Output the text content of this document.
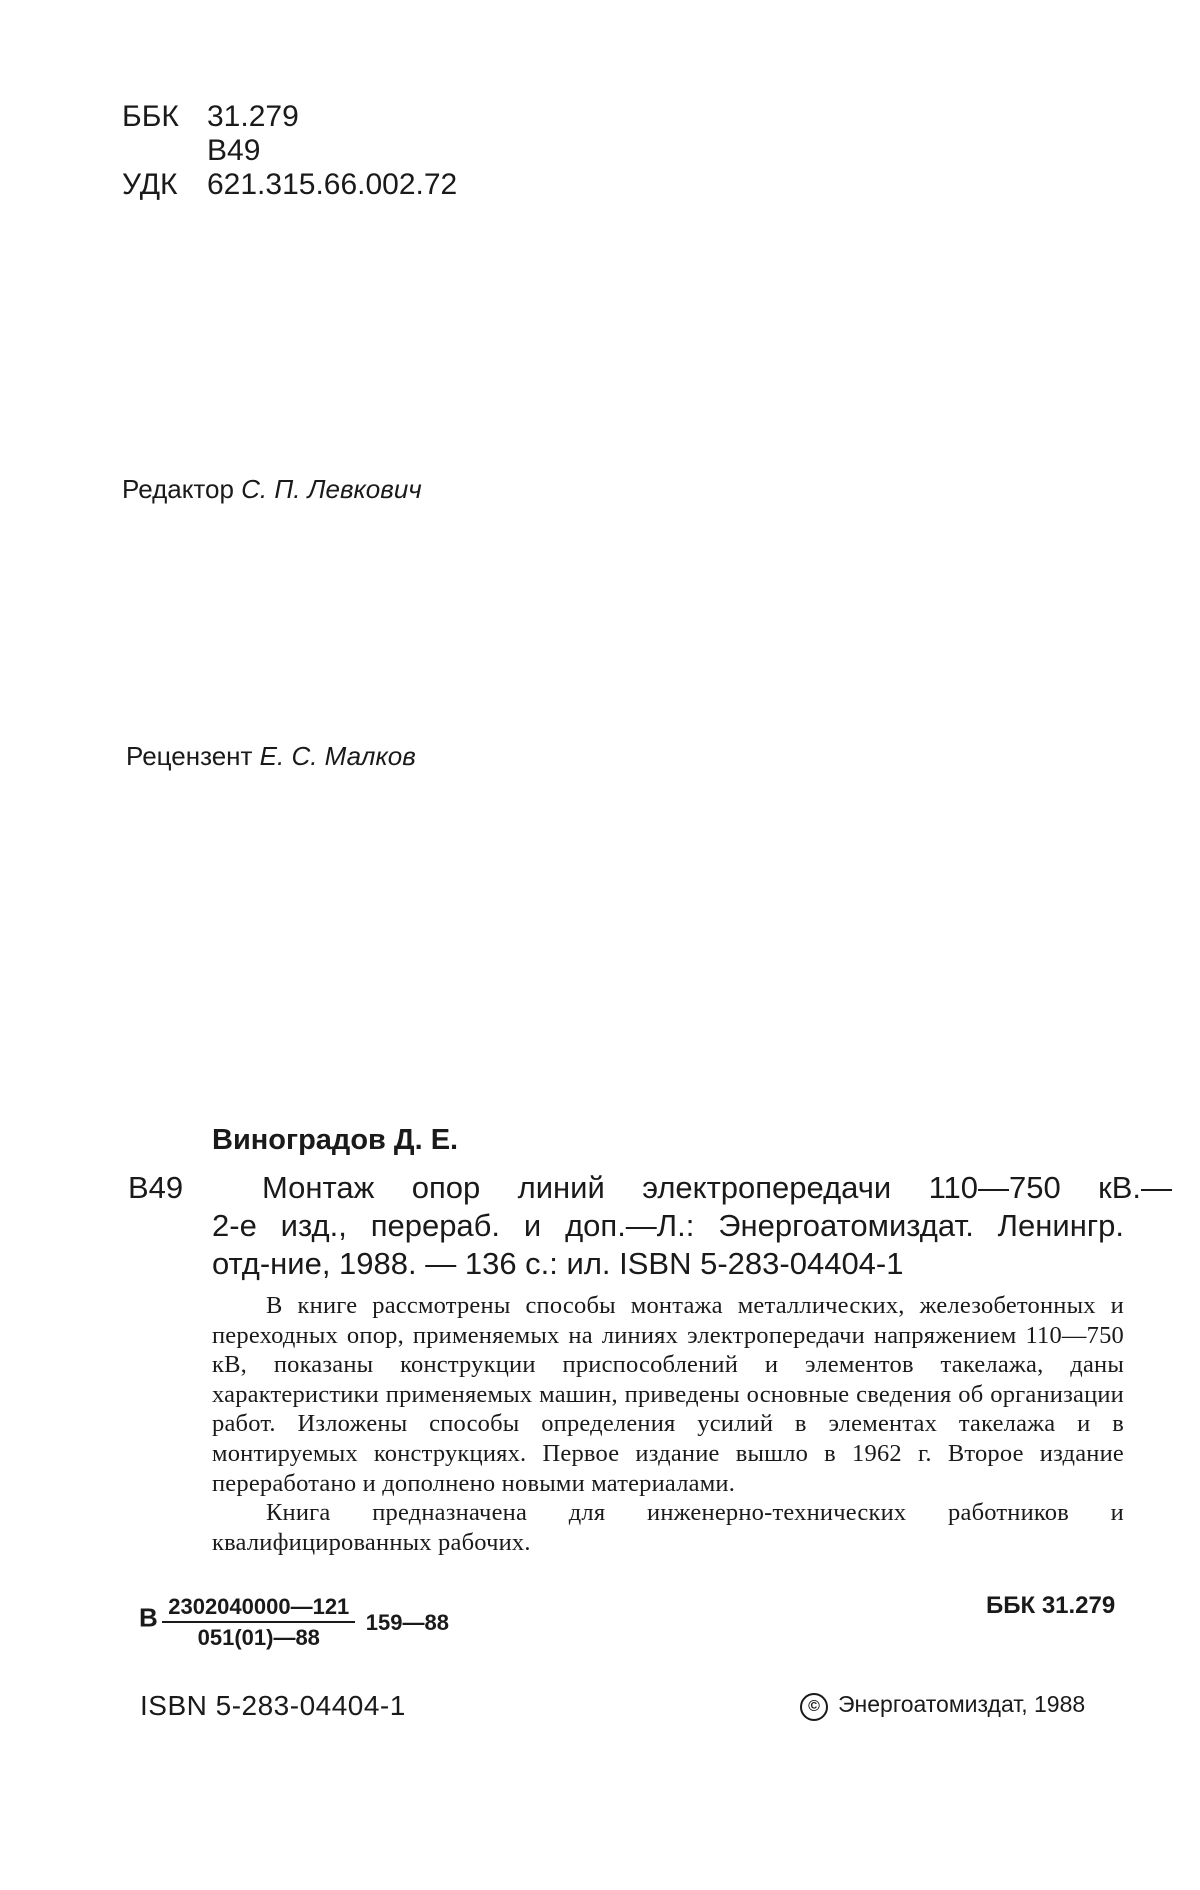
ББК 31.279
В49
УДК 621.315.66.002.72
Редактор С. П. Левкович
Рецензент Е. С. Малков
Виноградов Д. Е.
В49	Монтаж опор линий электропередачи 110—750 кВ.—
2-е изд., перераб. и доп.—Л.: Энергоатомиздат. Ленингр.
отд-ние, 1988. — 136 с.: ил. ISBN 5-283-04404-1

В книге рассмотрены способы монтажа металлических, железобетонных и переходных опор, применяемых на линиях электропередачи напряжением 110—750 кВ, показаны конструкции приспособлений и элементов такелажа, даны характеристики применяемых машин, приведены основные сведения об организации работ. Изложены способы определения усилий в элементах такелажа и в монтируемых конструкциях. Первое издание вышло в 1962 г. Второе издание переработано и дополнено новыми материалами.

Книга предназначена для инженерно-технических работников и квалифицированных рабочих.

В $\frac{2302040000—121}{051(01)—88}$ 159—88
ББК 31.279
ISBN 5-283-04404-1	© Энергоатомиздат, 1988
